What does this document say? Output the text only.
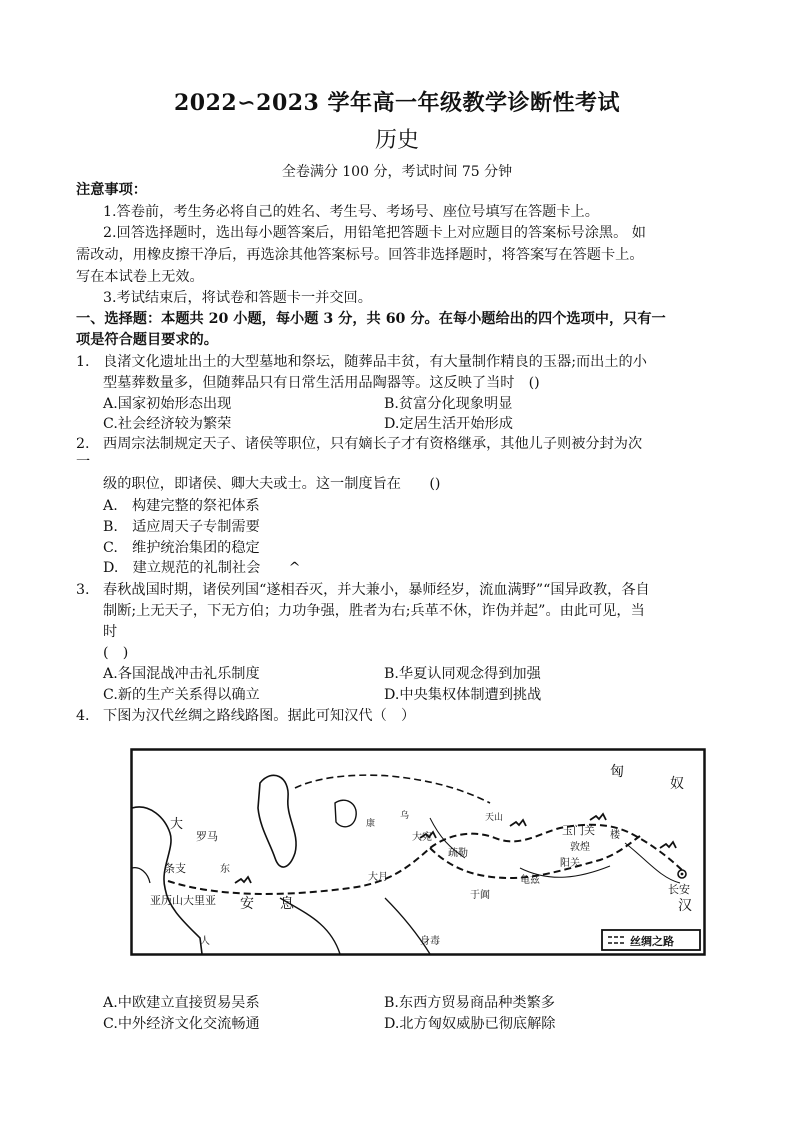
2022∽2023 学年高一年级教学诊断性考试
历史
全卷满分 100 分，考试时间 75 分钟
注意事项：
1.答卷前，考生务必将自己的姓名、考生号、考场号、座位号填写在答题卡上。
2.回答选择题时，选出每小题答案后，用铅笔把答题卡上对应题目的答案标号涂黑。 如
需改动，用橡皮擦干净后，再选涂其他答案标号。回答非选择题时，将答案写在答题卡上。
写在本试卷上无效。
3.考试结束后，将试卷和答题卡一并交回。
一、选择题：本题共 20 小题，每小题 3 分，共 60 分。在每小题给出的四个选项中，只有一
项是符合题目要求的。
1. 良渚文化遗址出土的大型墓地和祭坛，随葬品丰贫，有大量制作精良的玉器;而出土的小
型墓葬数量多，但随葬品只有日常生活用品陶器等。这反映了当时　()
A.国家初始形态出现	B.贫富分化现象明显
C.社会经济较为繁荣	D.定居生活开始形成
2. 西周宗法制规定天子、诸侯等职位，只有嫡长子才有资格继承，其他儿子则被分封为次
一
级的职位，即诸侯、卿大夫或士。这一制度旨在　　()
A.　构建完整的祭祀体系
B.　适应周天子专制需要
C.　维护统治集团的稳定
D.　建立规范的礼制社会　　^
3. 春秋战国时期，诸侯列国“遂相吞灭，并大兼小，暴师经岁，流血满野”“国异政教，各自
制断;上无天子，下无方伯；力功争强，胜者为右;兵革不休，诈伪并起”。由此可见，当
时
(　)
A.各国混战冲击礼乐制度	B.华夏认同观念得到加强
C.新的生产关系得以确立	D.中央集权体制遭到挑战
4. 下图为汉代丝绸之路线路图。据此可知汉代（　）
匈
奴
玉门关
敦煌
阳关
长安
汉
安 息
大宛
大月
疏勒
于阗
龟兹
条支	东
大
罗马
亚历山大里亚
身毒
康
乌
人
天山
楼
丝绸之路
A.中欧建立直接贸易吴系	B.东西方贸易商品种类繁多
C.中外经济文化交流畅通	D.北方匈奴威胁已彻底解除
